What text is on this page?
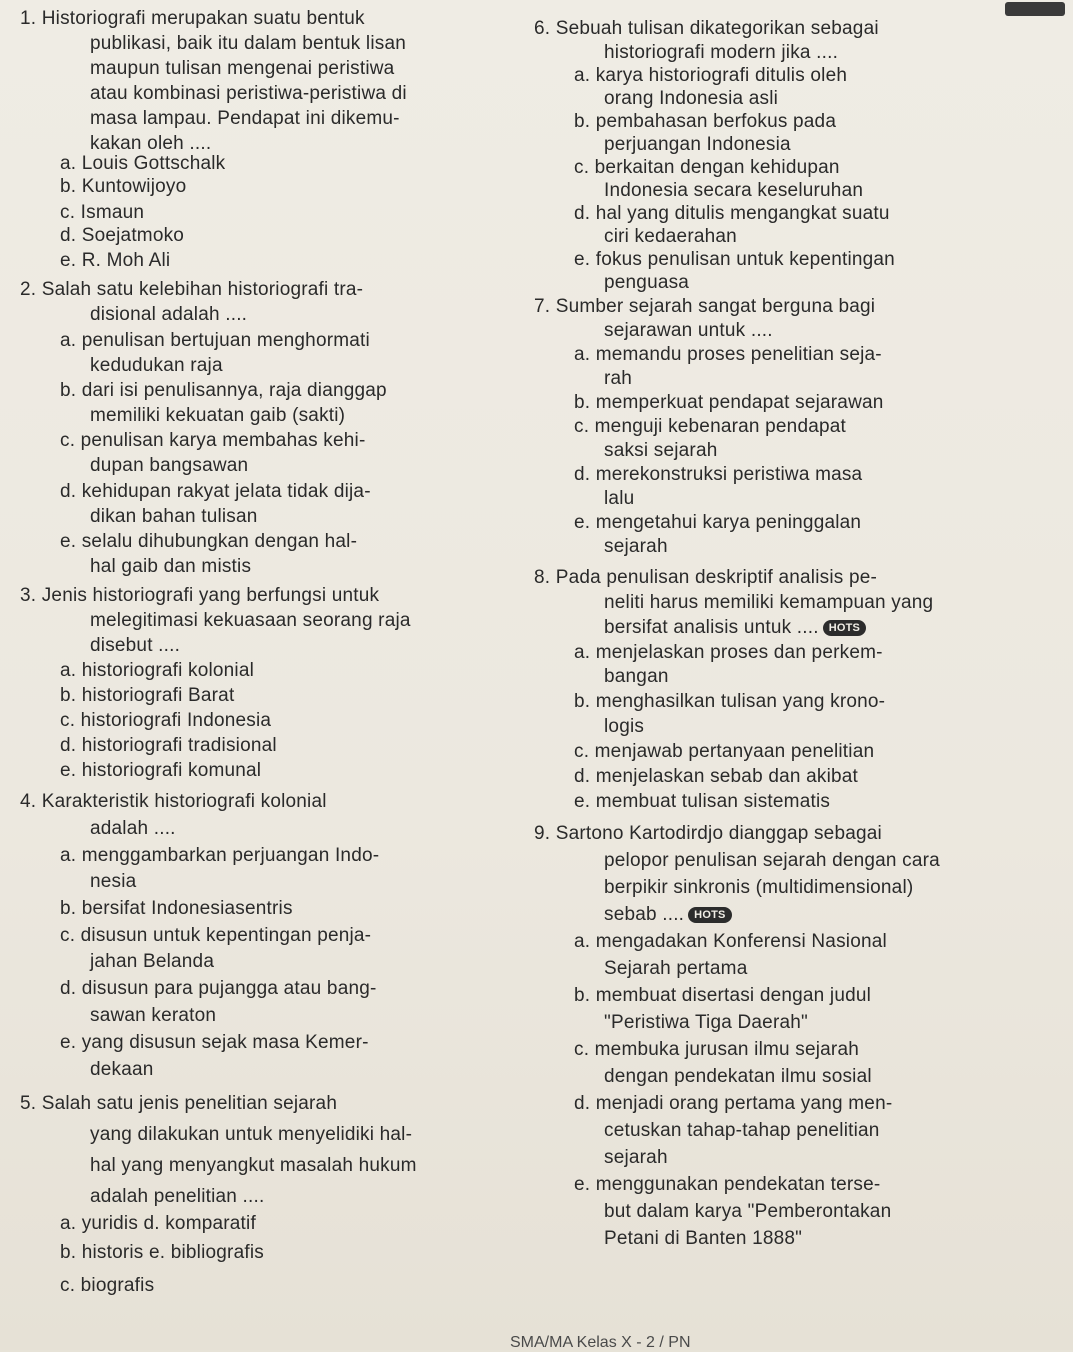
1. Historiografi merupakan suatu bentuk
publikasi, baik itu dalam bentuk lisan
maupun tulisan mengenai peristiwa
atau kombinasi peristiwa-peristiwa di
masa lampau. Pendapat ini dikemu-
kakan oleh ....
a. Louis Gottschalk
b. Kuntowijoyo
c. Ismaun
d. Soejatmoko
e. R. Moh Ali
2. Salah satu kelebihan historiografi tra-
disional adalah ....
a. penulisan bertujuan menghormati
kedudukan raja
b. dari isi penulisannya, raja dianggap
memiliki kekuatan gaib (sakti)
c. penulisan karya membahas kehi-
dupan bangsawan
d. kehidupan rakyat jelata tidak dija-
dikan bahan tulisan
e. selalu dihubungkan dengan hal-
hal gaib dan mistis
3. Jenis historiografi yang berfungsi untuk
melegitimasi kekuasaan seorang raja
disebut ....
a. historiografi kolonial
b. historiografi Barat
c. historiografi Indonesia
d. historiografi tradisional
e. historiografi komunal
4. Karakteristik historiografi kolonial
adalah ....
a. menggambarkan perjuangan Indo-
nesia
b. bersifat Indonesiasentris
c. disusun untuk kepentingan penja-
jahan Belanda
d. disusun para pujangga atau bang-
sawan keraton
e. yang disusun sejak masa Kemer-
dekaan
5. Salah satu jenis penelitian sejarah
yang dilakukan untuk menyelidiki hal-
hal yang menyangkut masalah hukum
adalah penelitian ....
a. yuridis d. komparatif
b. historis e. bibliografis
c. biografis
6. Sebuah tulisan dikategorikan sebagai
historiografi modern jika ....
a. karya historiografi ditulis oleh
orang Indonesia asli
b. pembahasan berfokus pada
perjuangan Indonesia
c. berkaitan dengan kehidupan
Indonesia secara keseluruhan
d. hal yang ditulis mengangkat suatu
ciri kedaerahan
e. fokus penulisan untuk kepentingan
penguasa
7. Sumber sejarah sangat berguna bagi
sejarawan untuk ....
a. memandu proses penelitian seja-
rah
b. memperkuat pendapat sejarawan
c. menguji kebenaran pendapat
saksi sejarah
d. merekonstruksi peristiwa masa
lalu
e. mengetahui karya peninggalan
sejarah
8. Pada penulisan deskriptif analisis pe-
neliti harus memiliki kemampuan yang
bersifat analisis untuk .... HOTS
a. menjelaskan proses dan perkem-
bangan
b. menghasilkan tulisan yang krono-
logis
c. menjawab pertanyaan penelitian
d. menjelaskan sebab dan akibat
e. membuat tulisan sistematis
9. Sartono Kartodirdjo dianggap sebagai
pelopor penulisan sejarah dengan cara
berpikir sinkronis (multidimensional)
sebab .... HOTS
a. mengadakan Konferensi Nasional
Sejarah pertama
b. membuat disertasi dengan judul
"Peristiwa Tiga Daerah"
c. membuka jurusan ilmu sejarah
dengan pendekatan ilmu sosial
d. menjadi orang pertama yang men-
cetuskan tahap-tahap penelitian
sejarah
e. menggunakan pendekatan terse-
but dalam karya "Pemberontakan
Petani di Banten 1888"
SMA/MA Kelas X - 2 / PN
